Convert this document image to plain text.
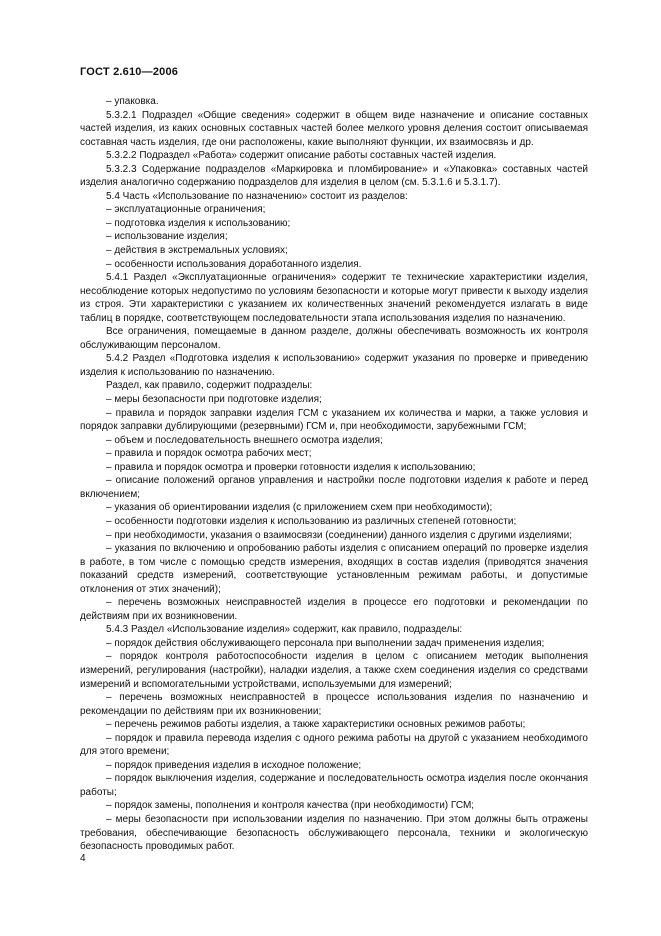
ГОСТ 2.610—2006

– упаковка.

5.3.2.1 Подраздел «Общие сведения» содержит в общем виде назначение и описание составных частей изделия, из каких основных составных частей более мелкого уровня деления состоит описываемая составная часть изделия, где они расположены, какие выполняют функции, их взаимосвязь и др.

5.3.2.2 Подраздел «Работа» содержит описание работы составных частей изделия.

5.3.2.3 Содержание подразделов «Маркировка и пломбирование» и «Упаковка» составных частей изделия аналогично содержанию подразделов для изделия в целом (см. 5.3.1.6 и 5.3.1.7).

5.4 Часть «Использование по назначению» состоит из разделов:

– эксплуатационные ограничения;

– подготовка изделия к использованию;

– использование изделия;

– действия в экстремальных условиях;

– особенности использования доработанного изделия.

5.4.1 Раздел «Эксплуатационные ограничения» содержит те технические характеристики изделия, несоблюдение которых недопустимо по условиям безопасности и которые могут привести к выходу изделия из строя. Эти характеристики с указанием их количественных значений рекомендуется излагать в виде таблиц в порядке, соответствующем последовательности этапа использования изделия по назначению.

Все ограничения, помещаемые в данном разделе, должны обеспечивать возможность их контроля обслуживающим персоналом.

5.4.2 Раздел «Подготовка изделия к использованию» содержит указания по проверке и приведению изделия к использованию по назначению.

Раздел, как правило, содержит подразделы:

– меры безопасности при подготовке изделия;

– правила и порядок заправки изделия ГСМ с указанием их количества и марки, а также условия и порядок заправки дублирующими (резервными) ГСМ и, при необходимости, зарубежными ГСМ;

– объем и последовательность внешнего осмотра изделия;

– правила и порядок осмотра рабочих мест;

– правила и порядок осмотра и проверки готовности изделия к использованию;

– описание положений органов управления и настройки после подготовки изделия к работе и перед включением;

– указания об ориентировании изделия (с приложением схем при необходимости);

– особенности подготовки изделия к использованию из различных степеней готовности;

– при необходимости, указания о взаимосвязи (соединении) данного изделия с другими изделиями;

– указания по включению и опробованию работы изделия с описанием операций по проверке изделия в работе, в том числе с помощью средств измерения, входящих в состав изделия (приводятся значения показаний средств измерений, соответствующие установленным режимам работы, и допустимые отклонения от этих значений);

– перечень возможных неисправностей изделия в процессе его подготовки и рекомендации по действиям при их возникновении.

5.4.3 Раздел «Использование изделия» содержит, как правило, подразделы:

– порядок действия обслуживающего персонала при выполнении задач применения изделия;

– порядок контроля работоспособности изделия в целом с описанием методик выполнения измерений, регулирования (настройки), наладки изделия, а также схем соединения изделия со средствами измерений и вспомогательными устройствами, используемыми для измерений;

– перечень возможных неисправностей в процессе использования изделия по назначению и рекомендации по действиям при их возникновении;

– перечень режимов работы изделия, а также характеристики основных режимов работы;

– порядок и правила перевода изделия с одного режима работы на другой с указанием необходимого для этого времени;

– порядок приведения изделия в исходное положение;

– порядок выключения изделия, содержание и последовательность осмотра изделия после окончания работы;

– порядок замены, пополнения и контроля качества (при необходимости) ГСМ;

– меры безопасности при использовании изделия по назначению. При этом должны быть отражены требования, обеспечивающие безопасность обслуживающего персонала, техники и экологическую безопасность проводимых работ.

4
